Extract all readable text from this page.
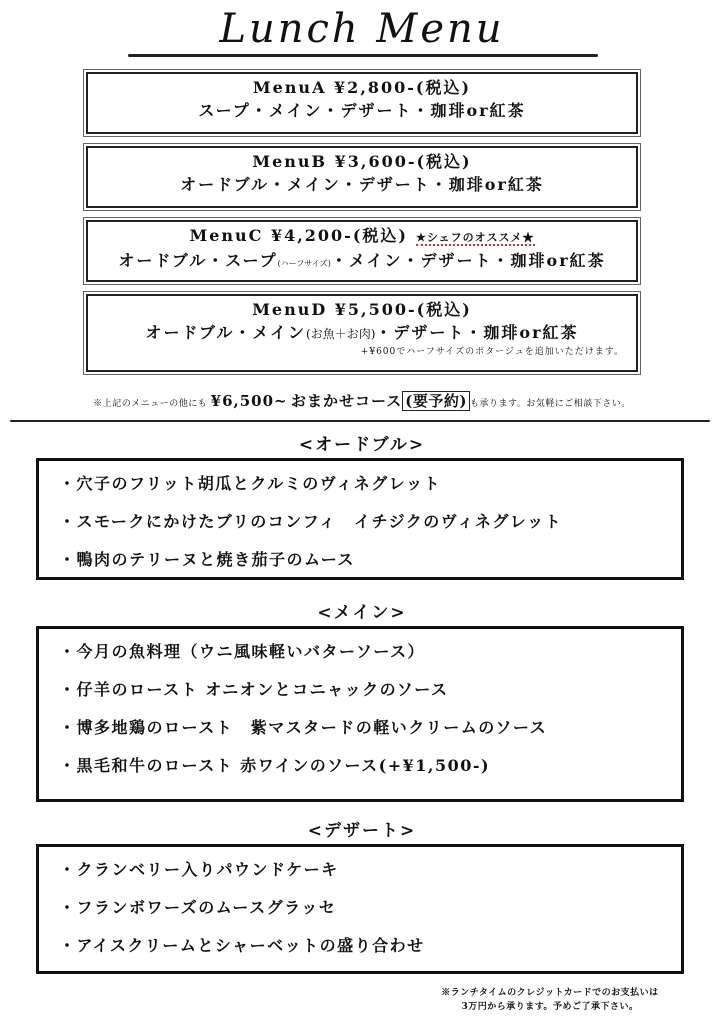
Lunch Menu
MenuA ¥2,800-(税込)
スープ・メイン・デザート・珈琲or紅茶
MenuB ¥3,600-(税込)
オードブル・メイン・デザート・珈琲or紅茶
MenuC ¥4,200-(税込) ★シェフのオススメ★
オードブル・スープ(ハーフサイズ)・メイン・デザート・珈琲or紅茶
MenuD ¥5,500-(税込)
オードブル・メイン(お魚＋お肉)・デザート・珈琲or紅茶
+¥600でハーフサイズのポタージュを追加いただけます。
※上記のメニューの他にも ¥6,500~ おまかせコース (要予約) も承ります。お気軽にご相談下さい。
<オードブル>
・穴子のフリット胡瓜とクルミのヴィネグレット
・スモークにかけたブリのコンフィ　イチジクのヴィネグレット
・鴨肉のテリーヌと焼き茄子のムース
<メイン>
・今月の魚料理（ウニ風味軽いバターソース）
・仔羊のロースト オニオンとコニャックのソース
・博多地鶏のロースト　紫マスタードの軽いクリームのソース
・黒毛和牛のロースト 赤ワインのソース(+¥1,500-)
<デザート>
・クランベリー入りパウンドケーキ
・フランボワーズのムースグラッセ
・アイスクリームとシャーベットの盛り合わせ
※ランチタイムのクレジットカードでのお支払いは
3万円から承ります。予めご了承下さい。
